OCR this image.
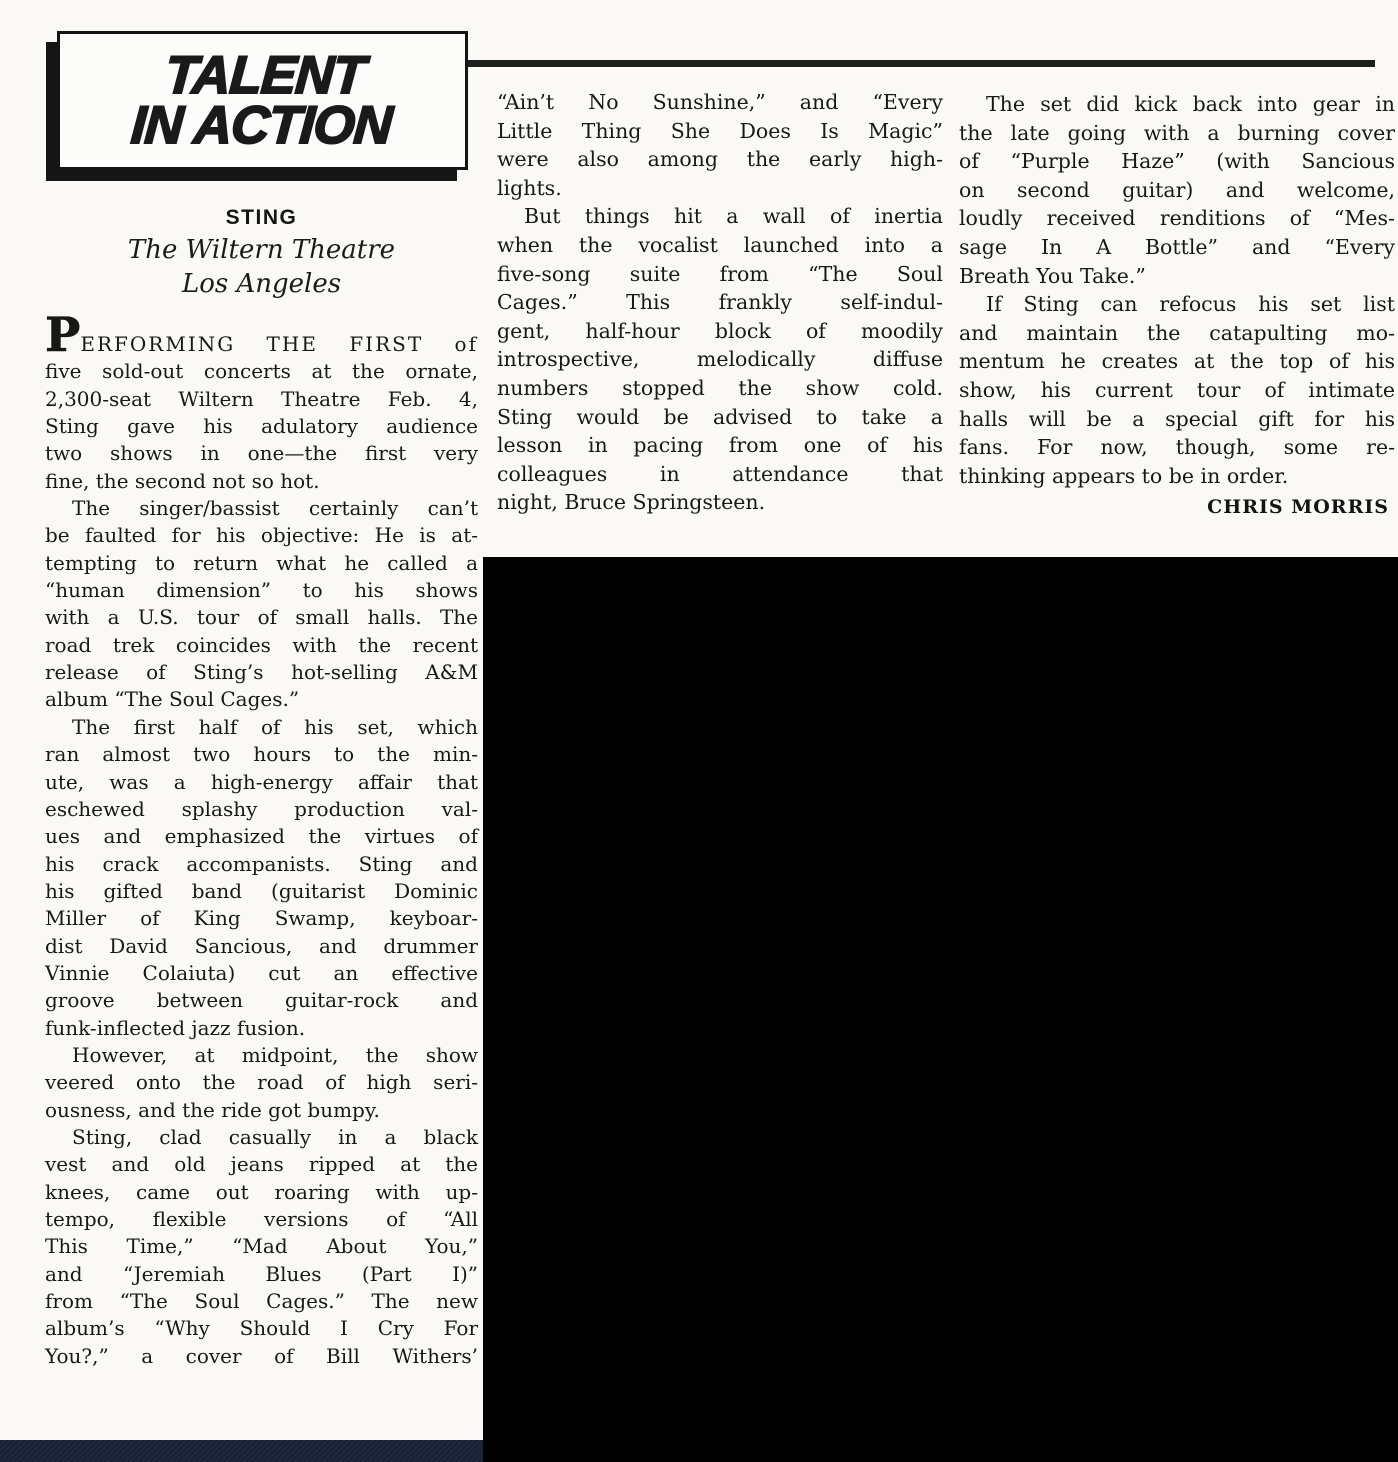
TALENT
IN ACTION
STING
The Wiltern Theatre
Los Angeles
PERFORMING THE FIRST of
five sold-out concerts at the ornate,
2,300-seat Wiltern Theatre Feb. 4,
Sting gave his adulatory audience
two shows in one—the first very
fine, the second not so hot.
The singer/bassist certainly can’t
be faulted for his objective: He is at-
tempting to return what he called a
“human dimension” to his shows
with a U.S. tour of small halls. The
road trek coincides with the recent
release of Sting’s hot-selling A&M
album “The Soul Cages.”
The first half of his set, which
ran almost two hours to the min-
ute, was a high-energy affair that
eschewed splashy production val-
ues and emphasized the virtues of
his crack accompanists. Sting and
his gifted band (guitarist Dominic
Miller of King Swamp, keyboar-
dist David Sancious, and drummer
Vinnie Colaiuta) cut an effective
groove between guitar-rock and
funk-inflected jazz fusion.
However, at midpoint, the show
veered onto the road of high seri-
ousness, and the ride got bumpy.
Sting, clad casually in a black
vest and old jeans ripped at the
knees, came out roaring with up-
tempo, flexible versions of “All
This Time,” “Mad About You,”
and “Jeremiah Blues (Part I)”
from “The Soul Cages.” The new
album’s “Why Should I Cry For
You?,” a cover of Bill Withers’
“Ain’t No Sunshine,” and “Every
Little Thing She Does Is Magic”
were also among the early high-
lights.
But things hit a wall of inertia
when the vocalist launched into a
five-song suite from “The Soul
Cages.” This frankly self-indul-
gent, half-hour block of moodily
introspective, melodically diffuse
numbers stopped the show cold.
Sting would be advised to take a
lesson in pacing from one of his
colleagues in attendance that
night, Bruce Springsteen.
The set did kick back into gear in
the late going with a burning cover
of “Purple Haze” (with Sancious
on second guitar) and welcome,
loudly received renditions of “Mes-
sage In A Bottle” and “Every
Breath You Take.”
If Sting can refocus his set list
and maintain the catapulting mo-
mentum he creates at the top of his
show, his current tour of intimate
halls will be a special gift for his
fans. For now, though, some re-
thinking appears to be in order.
CHRIS MORRIS
